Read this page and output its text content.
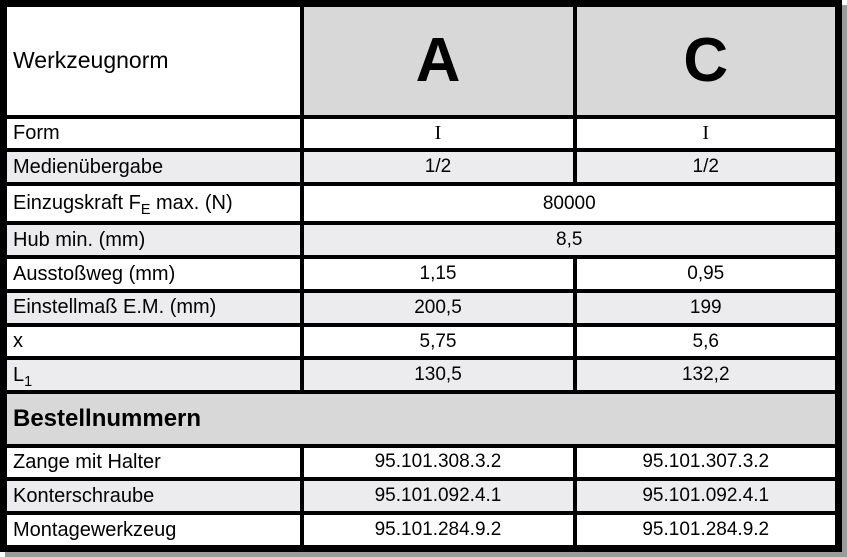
Werkzeugnorm	A	C
Form	I	I
Medienübergabe	1/2	1/2
Einzugskraft $F_E$ max. (N)	80000	
Hub min. (mm)	8,5	
Ausstoßweg (mm)	1,15	0,95
Einstellmaß E.M. (mm)	200,5	199
x	5,75	5,6
$L_1$	130,5	132,2
Bestellnummern		
Zange mit Halter	95.101.308.3.2	95.101.307.3.2
Konterschraube	95.101.092.4.1	95.101.092.4.1
Montagewerkzeug	95.101.284.9.2	95.101.284.9.2
